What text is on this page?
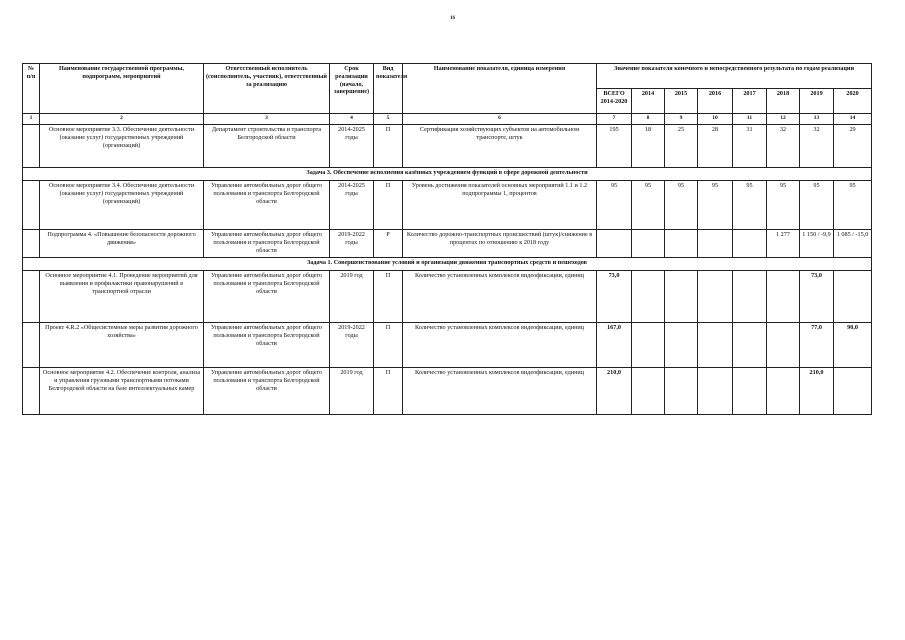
16
№ п/п	Наименование государственной программы, подпрограмм, мероприятий	Ответственный исполнитель (соисполнитель, участник), ответственный за реализацию	Срок реализации (начало, завершение)	Вид показателя	Наименование показателя, единица измерения	Значение показателя конечного и непосредственного результата по годам реализации							
						ВСЕГО 2014-2020	2014	2015	2016	2017	2018	2019	2020
1	2	3	4	5	6	7	8	9	10	11	12	13	14
	Основное мероприятие 3.3. Обеспечение деятельности (оказание услуг) государственных учреждений (организаций)	Департамент строительства и транспорта Белгородской области	2014-2025 годы	П	Сертификация хозяйствующих субъектов на автомобильном транспорте, штук	195	18	25	28	31	32	32	29
Задача 3. Обеспечение исполнения казённых учреждением функций в сфере дорожной деятельности													
	Основное мероприятие 3.4. Обеспечение деятельности (оказание услуг) государственных учреждений (организаций)	Управление автомобильных дорог общего пользования и транспорта Белгородской области	2014-2025 годы	П	Уровень достижения показателей основных мероприятий 1.1 и 1.2 подпрограммы 1, процентов	95	95	95	95	95	95	95	95
	Подпрограмма 4. «Повышение безопасности дорожного движения»	Управление автомобильных дорог общего пользования и транспорта Белгородской области	2019-2022 годы	Р	Количество дорожно-транспортных происшествий (штук)/снижение в процентах по отношению к 2018 году						1 277	1 150 / -9,9	1 085 / -15,0
Задача 1. Совершенствование условий и организации движения транспортных средств и пешеходов													
	Основное мероприятие 4.1. Проведение мероприятий для выявления и профилактики правонарушений в транспортной отрасли	Управление автомобильных дорог общего пользования и транспорта Белгородской области	2019 год	П	Количество установленных комплексов видеофиксации, единиц	73,0						73,0	
	Проект 4.R.2 «Общесистемные меры развития дорожного хозяйства»	Управление автомобильных дорог общего пользования и транспорта Белгородской области	2019-2022 годы	П	Количество установленных комплексов видеофиксации, единиц	167,0						77,0	90,0
	Основное мероприятие 4.2. Обеспечение контроля, анализа и управления грузовыми транспортными потоками Белгородской области на базе интеллектуальных камер	Управление автомобильных дорог общего пользования и транспорта Белгородской области	2019 год	П	Количество установленных комплексов видеофиксации, единиц	210,0						210,0	
